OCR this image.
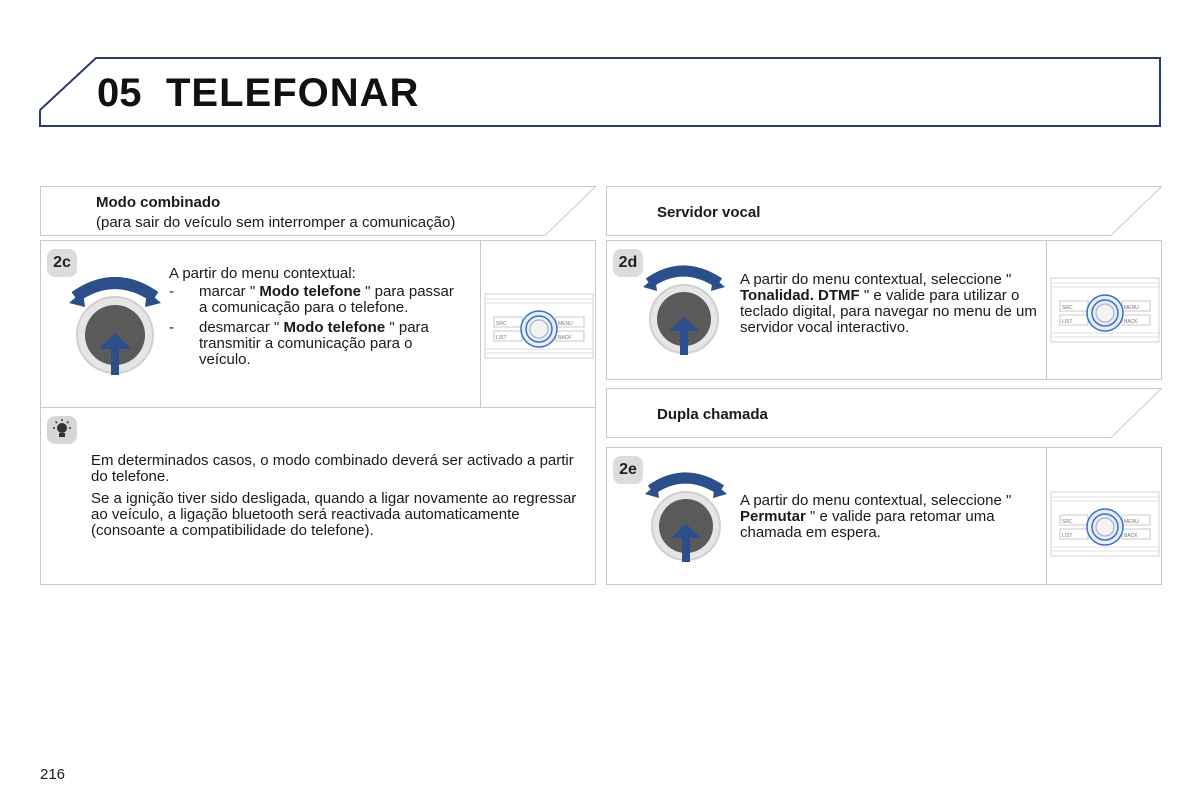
05 TELEFONAR
Modo combinado
(para sair do veículo sem interromper a comunicação)
2c
A partir do menu contextual:
- marcar " Modo telefone " para passar a comunicação para o telefone.
- desmarcar " Modo telefone " para transmitir a comunicação para o veículo.
SRC
LIST
MENU
BACK
Em determinados casos, o modo combinado deverá ser activado a partir do telefone.
Se a ignição tiver sido desligada, quando a ligar novamente ao regressar ao veículo, a ligação bluetooth será reactivada automaticamente (consoante a compatibilidade do telefone).
Servidor vocal
2d
A partir do menu contextual, seleccione " Tonalidad. DTMF " e valide para utilizar o teclado digital, para navegar no menu de um servidor vocal interactivo.
SRC
LIST
MENU
BACK
Dupla chamada
2e
A partir do menu contextual, seleccione " Permutar " e valide para retomar uma chamada em espera.
SRC
LIST
MENU
BACK
216
